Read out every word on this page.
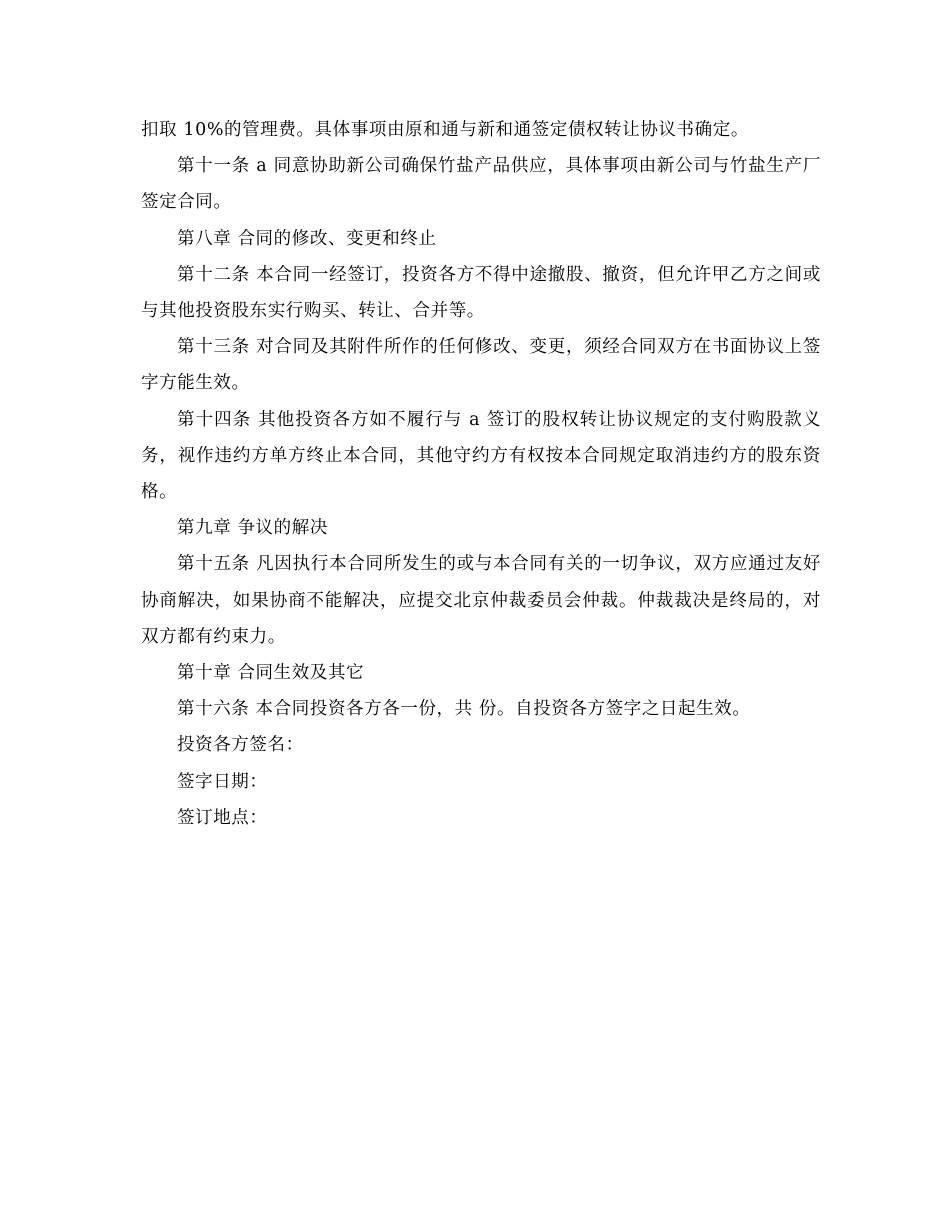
扣取 10%的管理费。具体事项由原和通与新和通签定债权转让协议书确定。

第十一条 a 同意协助新公司确保竹盐产品供应，具体事项由新公司与竹盐生产厂签定合同。

第八章 合同的修改、变更和终止

第十二条 本合同一经签订，投资各方不得中途撤股、撤资，但允许甲乙方之间或与其他投资股东实行购买、转让、合并等。

第十三条 对合同及其附件所作的任何修改、变更，须经合同双方在书面协议上签字方能生效。

第十四条 其他投资各方如不履行与 a 签订的股权转让协议规定的支付购股款义务，视作违约方单方终止本合同，其他守约方有权按本合同规定取消违约方的股东资格。

第九章 争议的解决

第十五条 凡因执行本合同所发生的或与本合同有关的一切争议，双方应通过友好协商解决，如果协商不能解决，应提交北京仲裁委员会仲裁。仲裁裁决是终局的，对双方都有约束力。

第十章 合同生效及其它

第十六条 本合同投资各方各一份，共 份。自投资各方签字之日起生效。

投资各方签名：

签字日期：

签订地点：
